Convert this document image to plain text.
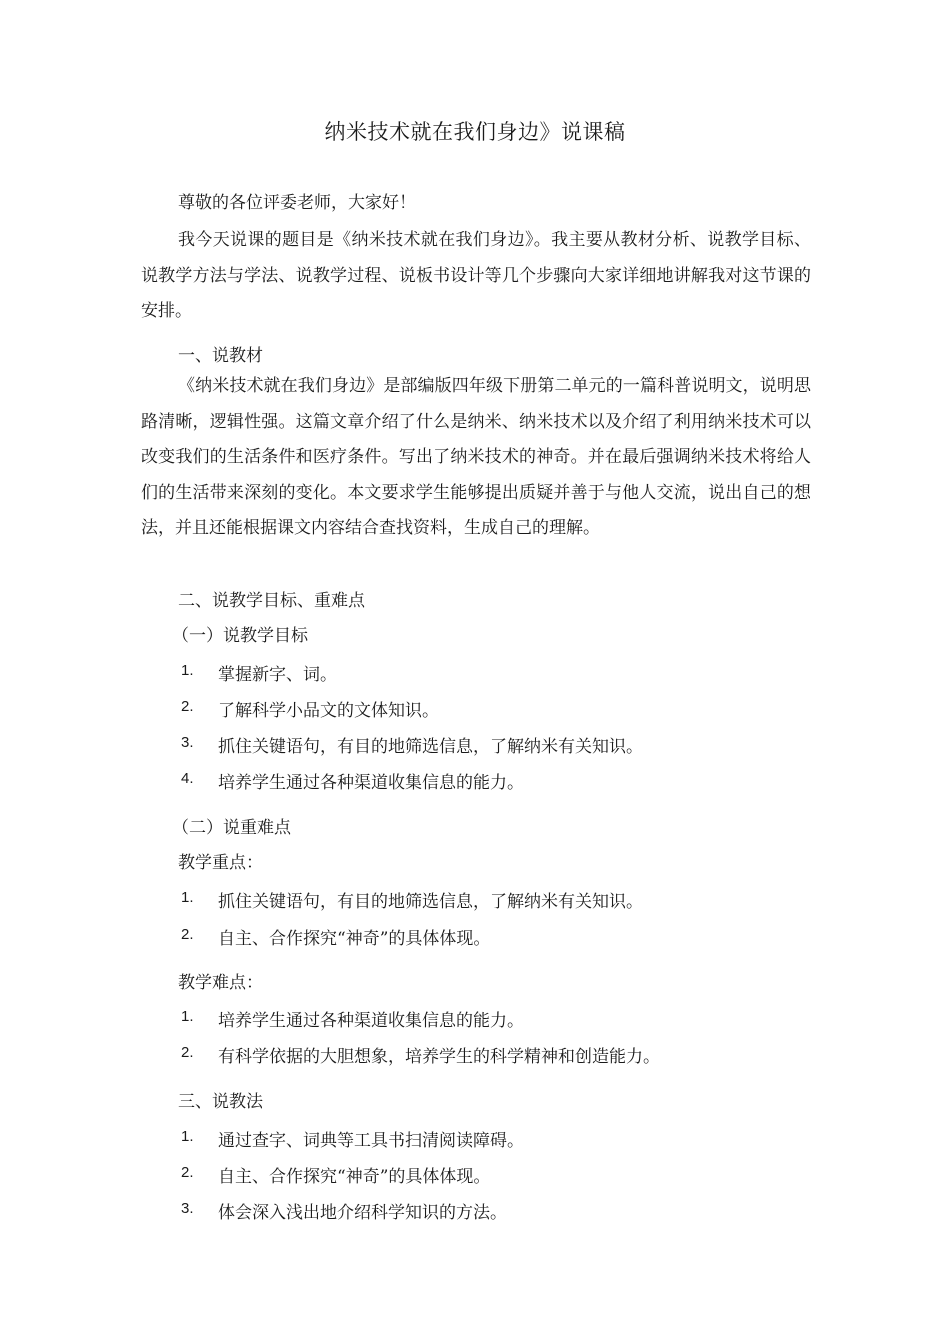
纳米技术就在我们身边》说课稿
尊敬的各位评委老师，大家好！
我今天说课的题目是《纳米技术就在我们身边》。我主要从教材分析、说教学目标、说教学方法与学法、说教学过程、说板书设计等几个步骤向大家详细地讲解我对这节课的安排。
一、说教材
《纳米技术就在我们身边》是部编版四年级下册第二单元的一篇科普说明文，说明思路清晰，逻辑性强。这篇文章介绍了什么是纳米、纳米技术以及介绍了利用纳米技术可以改变我们的生活条件和医疗条件。写出了纳米技术的神奇。并在最后强调纳米技术将给人们的生活带来深刻的变化。本文要求学生能够提出质疑并善于与他人交流，说出自己的想法，并且还能根据课文内容结合查找资料，生成自己的理解。
二、说教学目标、重难点
（一）说教学目标
1. 掌握新字、词。
2. 了解科学小品文的文体知识。
3. 抓住关键语句，有目的地筛选信息，了解纳米有关知识。
4. 培养学生通过各种渠道收集信息的能力。
（二）说重难点
教学重点：
1. 抓住关键语句，有目的地筛选信息，了解纳米有关知识。
2. 自主、合作探究“神奇”的具体体现。
教学难点：
1. 培养学生通过各种渠道收集信息的能力。
2. 有科学依据的大胆想象，培养学生的科学精神和创造能力。
三、说教法
1. 通过查字、词典等工具书扫清阅读障碍。
2. 自主、合作探究“神奇”的具体体现。
3. 体会深入浅出地介绍科学知识的方法。
